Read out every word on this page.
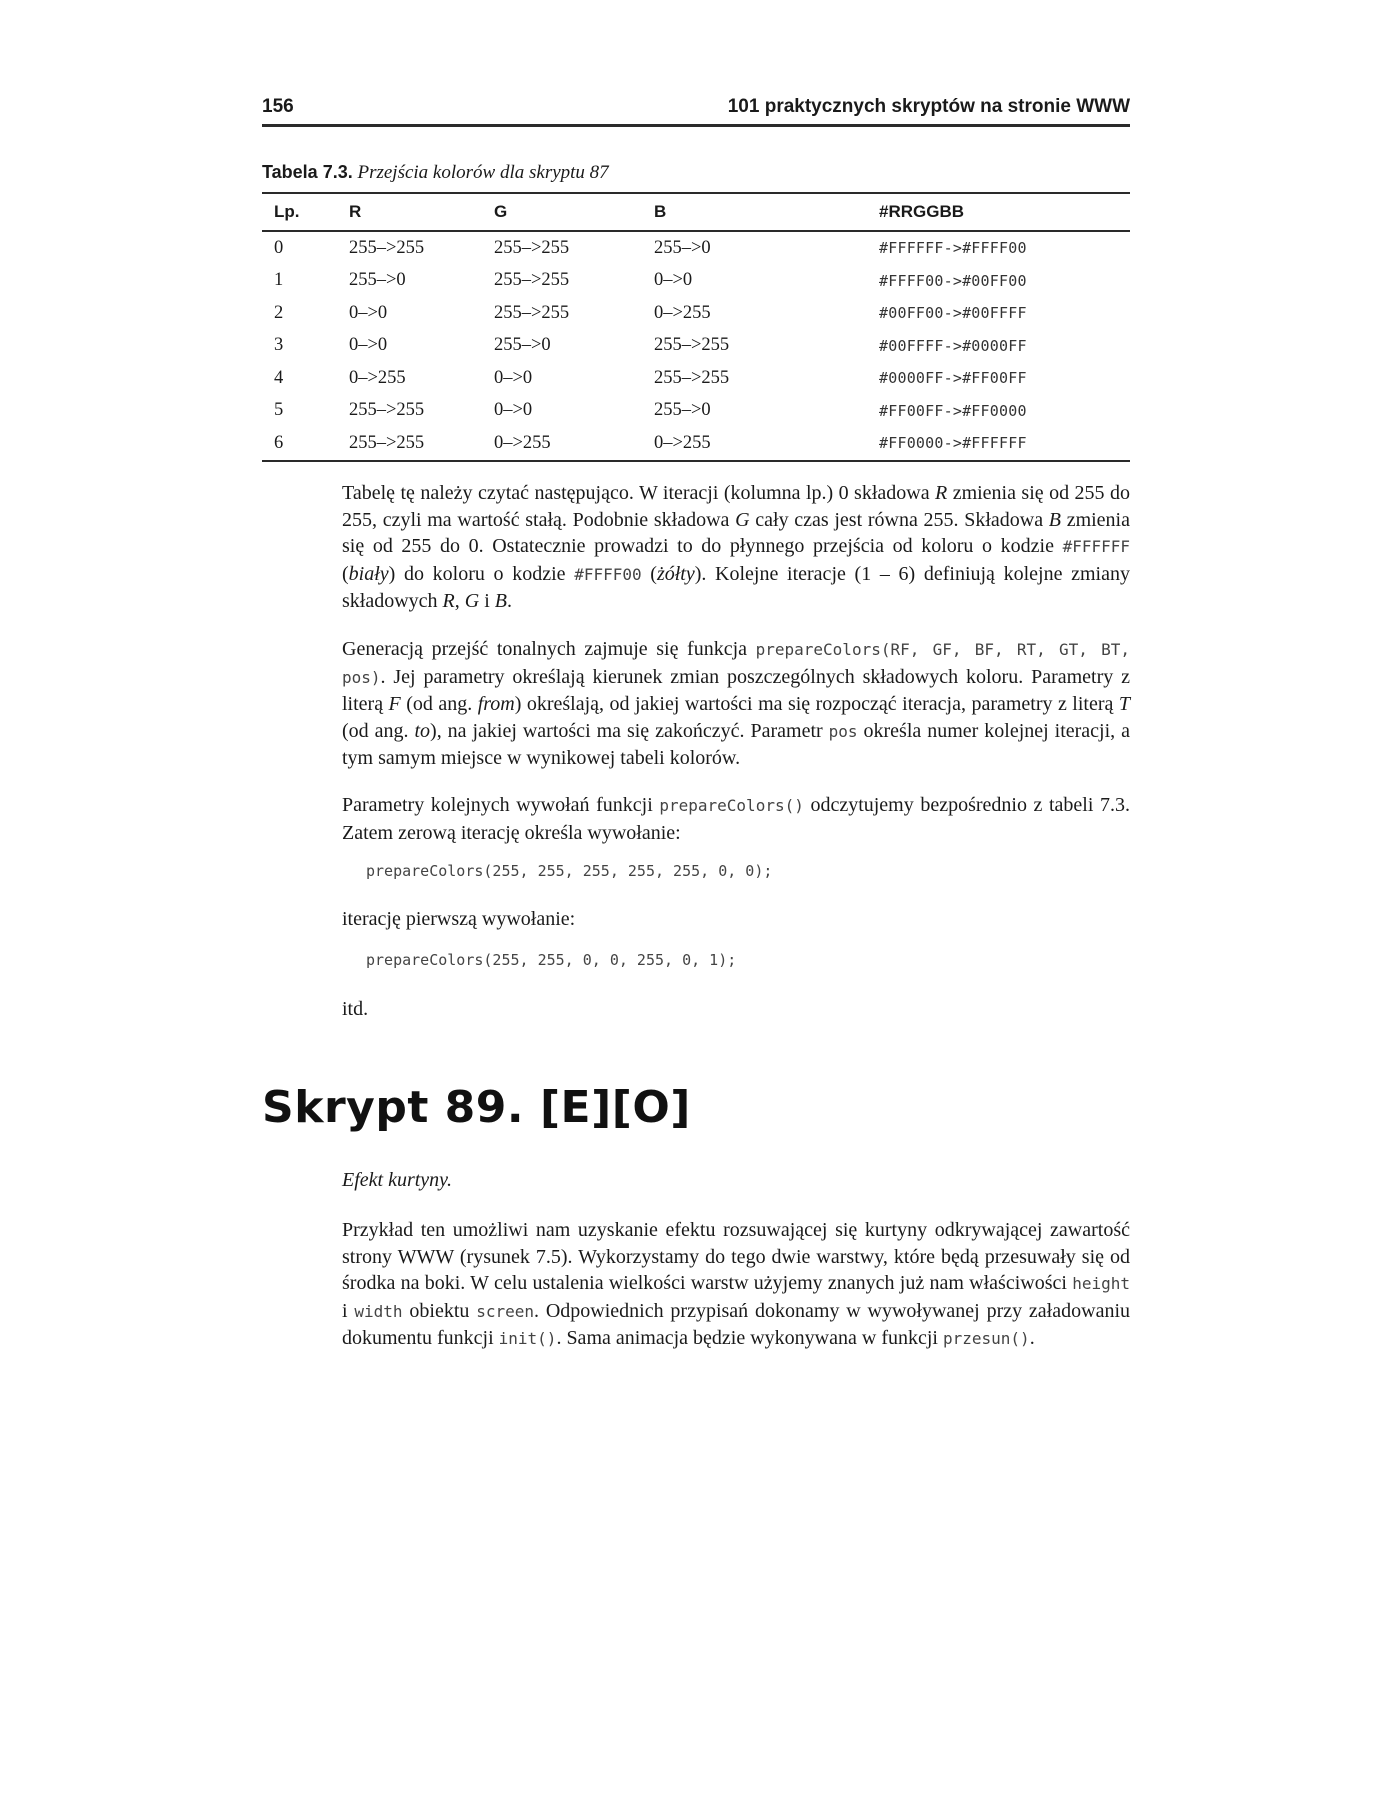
156	101 praktycznych skryptów na stronie WWW
Tabela 7.3. Przejścia kolorów dla skryptu 87
Lp.	R	G	B	#RRGGBB
0	255–>255	255–>255	255–>0	#FFFFFF->#FFFF00
1	255–>0	255–>255	0–>0	#FFFF00->#00FF00
2	0–>0	255–>255	0–>255	#00FF00->#00FFFF
3	0–>0	255–>0	255–>255	#00FFFF->#0000FF
4	0–>255	0–>0	255–>255	#0000FF->#FF00FF
5	255–>255	0–>0	255–>0	#FF00FF->#FF0000
6	255–>255	0–>255	0–>255	#FF0000->#FFFFFF

Tabelę tę należy czytać następująco. W iteracji (kolumna lp.) 0 składowa R zmienia się od 255 do 255, czyli ma wartość stałą. Podobnie składowa G cały czas jest równa 255. Składowa B zmienia się od 255 do 0. Ostatecznie prowadzi to do płynnego przejścia od koloru o kodzie #FFFFFF (biały) do koloru o kodzie #FFFF00 (żółty). Kolejne iteracje (1 – 6) definiują kolejne zmiany składowych R, G i B.

Generacją przejść tonalnych zajmuje się funkcja prepareColors(RF, GF, BF, RT, GT, BT, pos). Jej parametry określają kierunek zmian poszczególnych składowych koloru. Parametry z literą F (od ang. from) określają, od jakiej wartości ma się rozpocząć iteracja, parametry z literą T (od ang. to), na jakiej wartości ma się zakończyć. Parametr pos określa numer kolejnej iteracji, a tym samym miejsce w wynikowej tabeli kolorów.

Parametry kolejnych wywołań funkcji prepareColors() odczytujemy bezpośrednio z tabeli 7.3. Zatem zerową iterację określa wywołanie:

prepareColors(255, 255, 255, 255, 255, 0, 0);

iterację pierwszą wywołanie:

prepareColors(255, 255, 0, 0, 255, 0, 1);

itd.

Skrypt 89. [E][O]

Efekt kurtyny.

Przykład ten umożliwi nam uzyskanie efektu rozsuwającej się kurtyny odkrywającej zawartość strony WWW (rysunek 7.5). Wykorzystamy do tego dwie warstwy, które będą przesuwały się od środka na boki. W celu ustalenia wielkości warstw użyjemy znanych już nam właściwości height i width obiektu screen. Odpowiednich przypisań dokonamy w wywoływanej przy załadowaniu dokumentu funkcji init(). Sama animacja będzie wykonywana w funkcji przesun().
